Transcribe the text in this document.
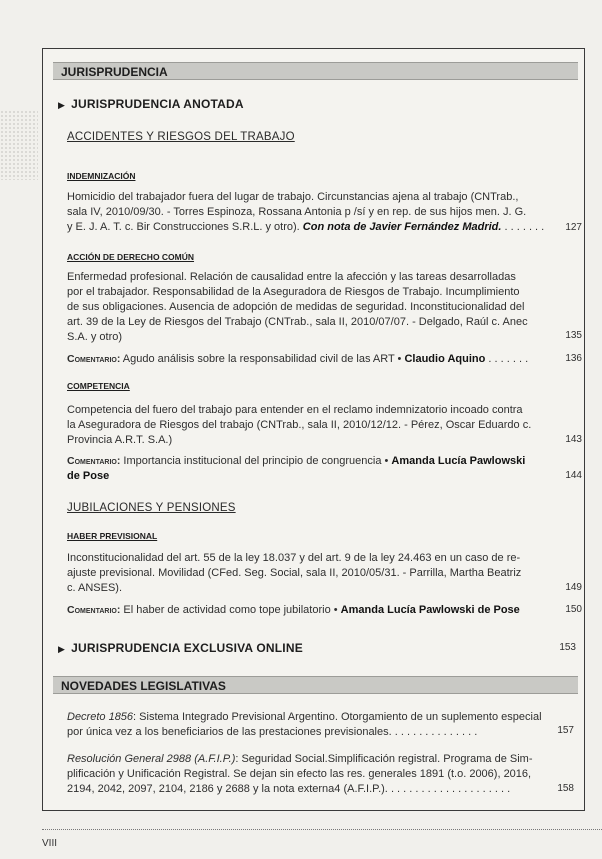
JURISPRUDENCIA
▶ JURISPRUDENCIA ANOTADA
ACCIDENTES Y RIESGOS DEL TRABAJO
INDEMNIZACIÓN
Homicidio del trabajador fuera del lugar de trabajo. Circunstancias ajena al trabajo (CNTrab.,
sala IV, 2010/09/30. - Torres Espinoza, Rossana Antonia p /sí y en rep. de sus hijos men. J. G.
y E. J. A. T. c. Bir Construcciones S.R.L. y otro). Con nota de Javier Fernández Madrid. . . . . . . .	127
ACCIÓN DE DERECHO COMÚN
Enfermedad profesional. Relación de causalidad entre la afección y las tareas desarrolladas
por el trabajador. Responsabilidad de la Aseguradora de Riesgos de Trabajo. Incumplimiento
de sus obligaciones. Ausencia de adopción de medidas de seguridad. Inconstitucionalidad del
art. 39 de la Ley de Riesgos del Trabajo (CNTrab., sala II, 2010/07/07. - Delgado, Raúl c. Anec
S.A. y otro)	135
Comentario: Agudo análisis sobre la responsabilidad civil de las ART • Claudio Aquino . . . . . . .	136
COMPETENCIA
Competencia del fuero del trabajo para entender en el reclamo indemnizatorio incoado contra
la Aseguradora de Riesgos del trabajo (CNTrab., sala II, 2010/12/12. - Pérez, Oscar Eduardo c.
Provincia A.R.T. S.A.)	143
Comentario: Importancia institucional del principio de congruencia • Amanda Lucía Pawlowski
de Pose	144
JUBILACIONES Y PENSIONES
HABER PREVISIONAL
Inconstitucionalidad del art. 55 de la ley 18.037 y del art. 9 de la ley 24.463 en un caso de re-
ajuste previsional. Movilidad (CFed. Seg. Social, sala II, 2010/05/31. - Parrilla, Martha Beatriz
c. ANSES).	149
Comentario: El haber de actividad como tope jubilatorio • Amanda Lucía Pawlowski de Pose	150
▶ JURISPRUDENCIA EXCLUSIVA ONLINE	153
NOVEDADES LEGISLATIVAS
Decreto 1856: Sistema Integrado Previsional Argentino. Otorgamiento de un suplemento especial
por única vez a los beneficiarios de las prestaciones previsionales. . . . . . . . . . . . . . .	157
Resolución General 2988 (A.F.I.P.): Seguridad Social.Simplificación registral. Programa de Sim-
plificación y Unificación Registral. Se dejan sin efecto las res. generales 1891 (t.o. 2006), 2016,
2194, 2042, 2097, 2104, 2186 y 2688 y la nota externa4 (A.F.I.P.). . . . . . . . . . . . . . . . . . . . .	158
VIII
